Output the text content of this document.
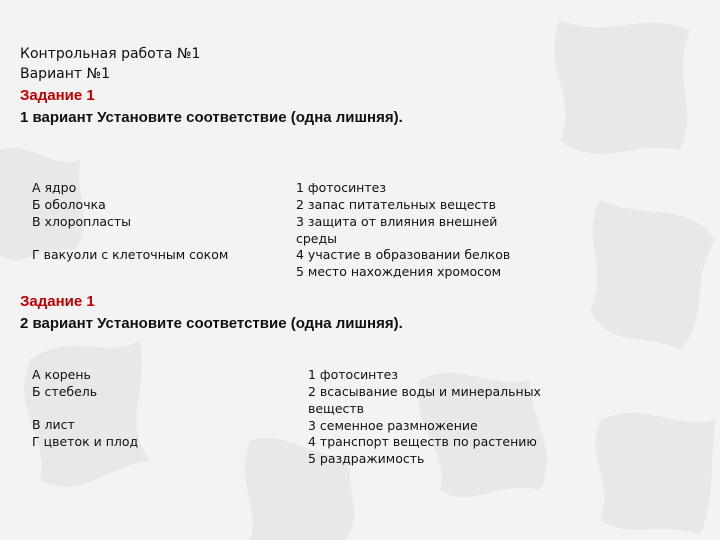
Контрольная работа №1
Вариант №1
Задание 1
1 вариант Установите соответствие (одна лишняя).
А ядро
Б оболочка
В хлоропласты
Г вакуоли с клеточным соком
1 фотосинтез
2 запас питательных веществ
3 защита от влияния внешней
среды
4 участие в образовании белков
5 место нахождения хромосом
Задание 1
2 вариант Установите соответствие (одна лишняя).
А корень
Б стебель
В лист
Г цветок и плод
1 фотосинтез
2 всасывание воды и минеральных
веществ
3 семенное размножение
4 транспорт веществ по растению
5 раздражимость
